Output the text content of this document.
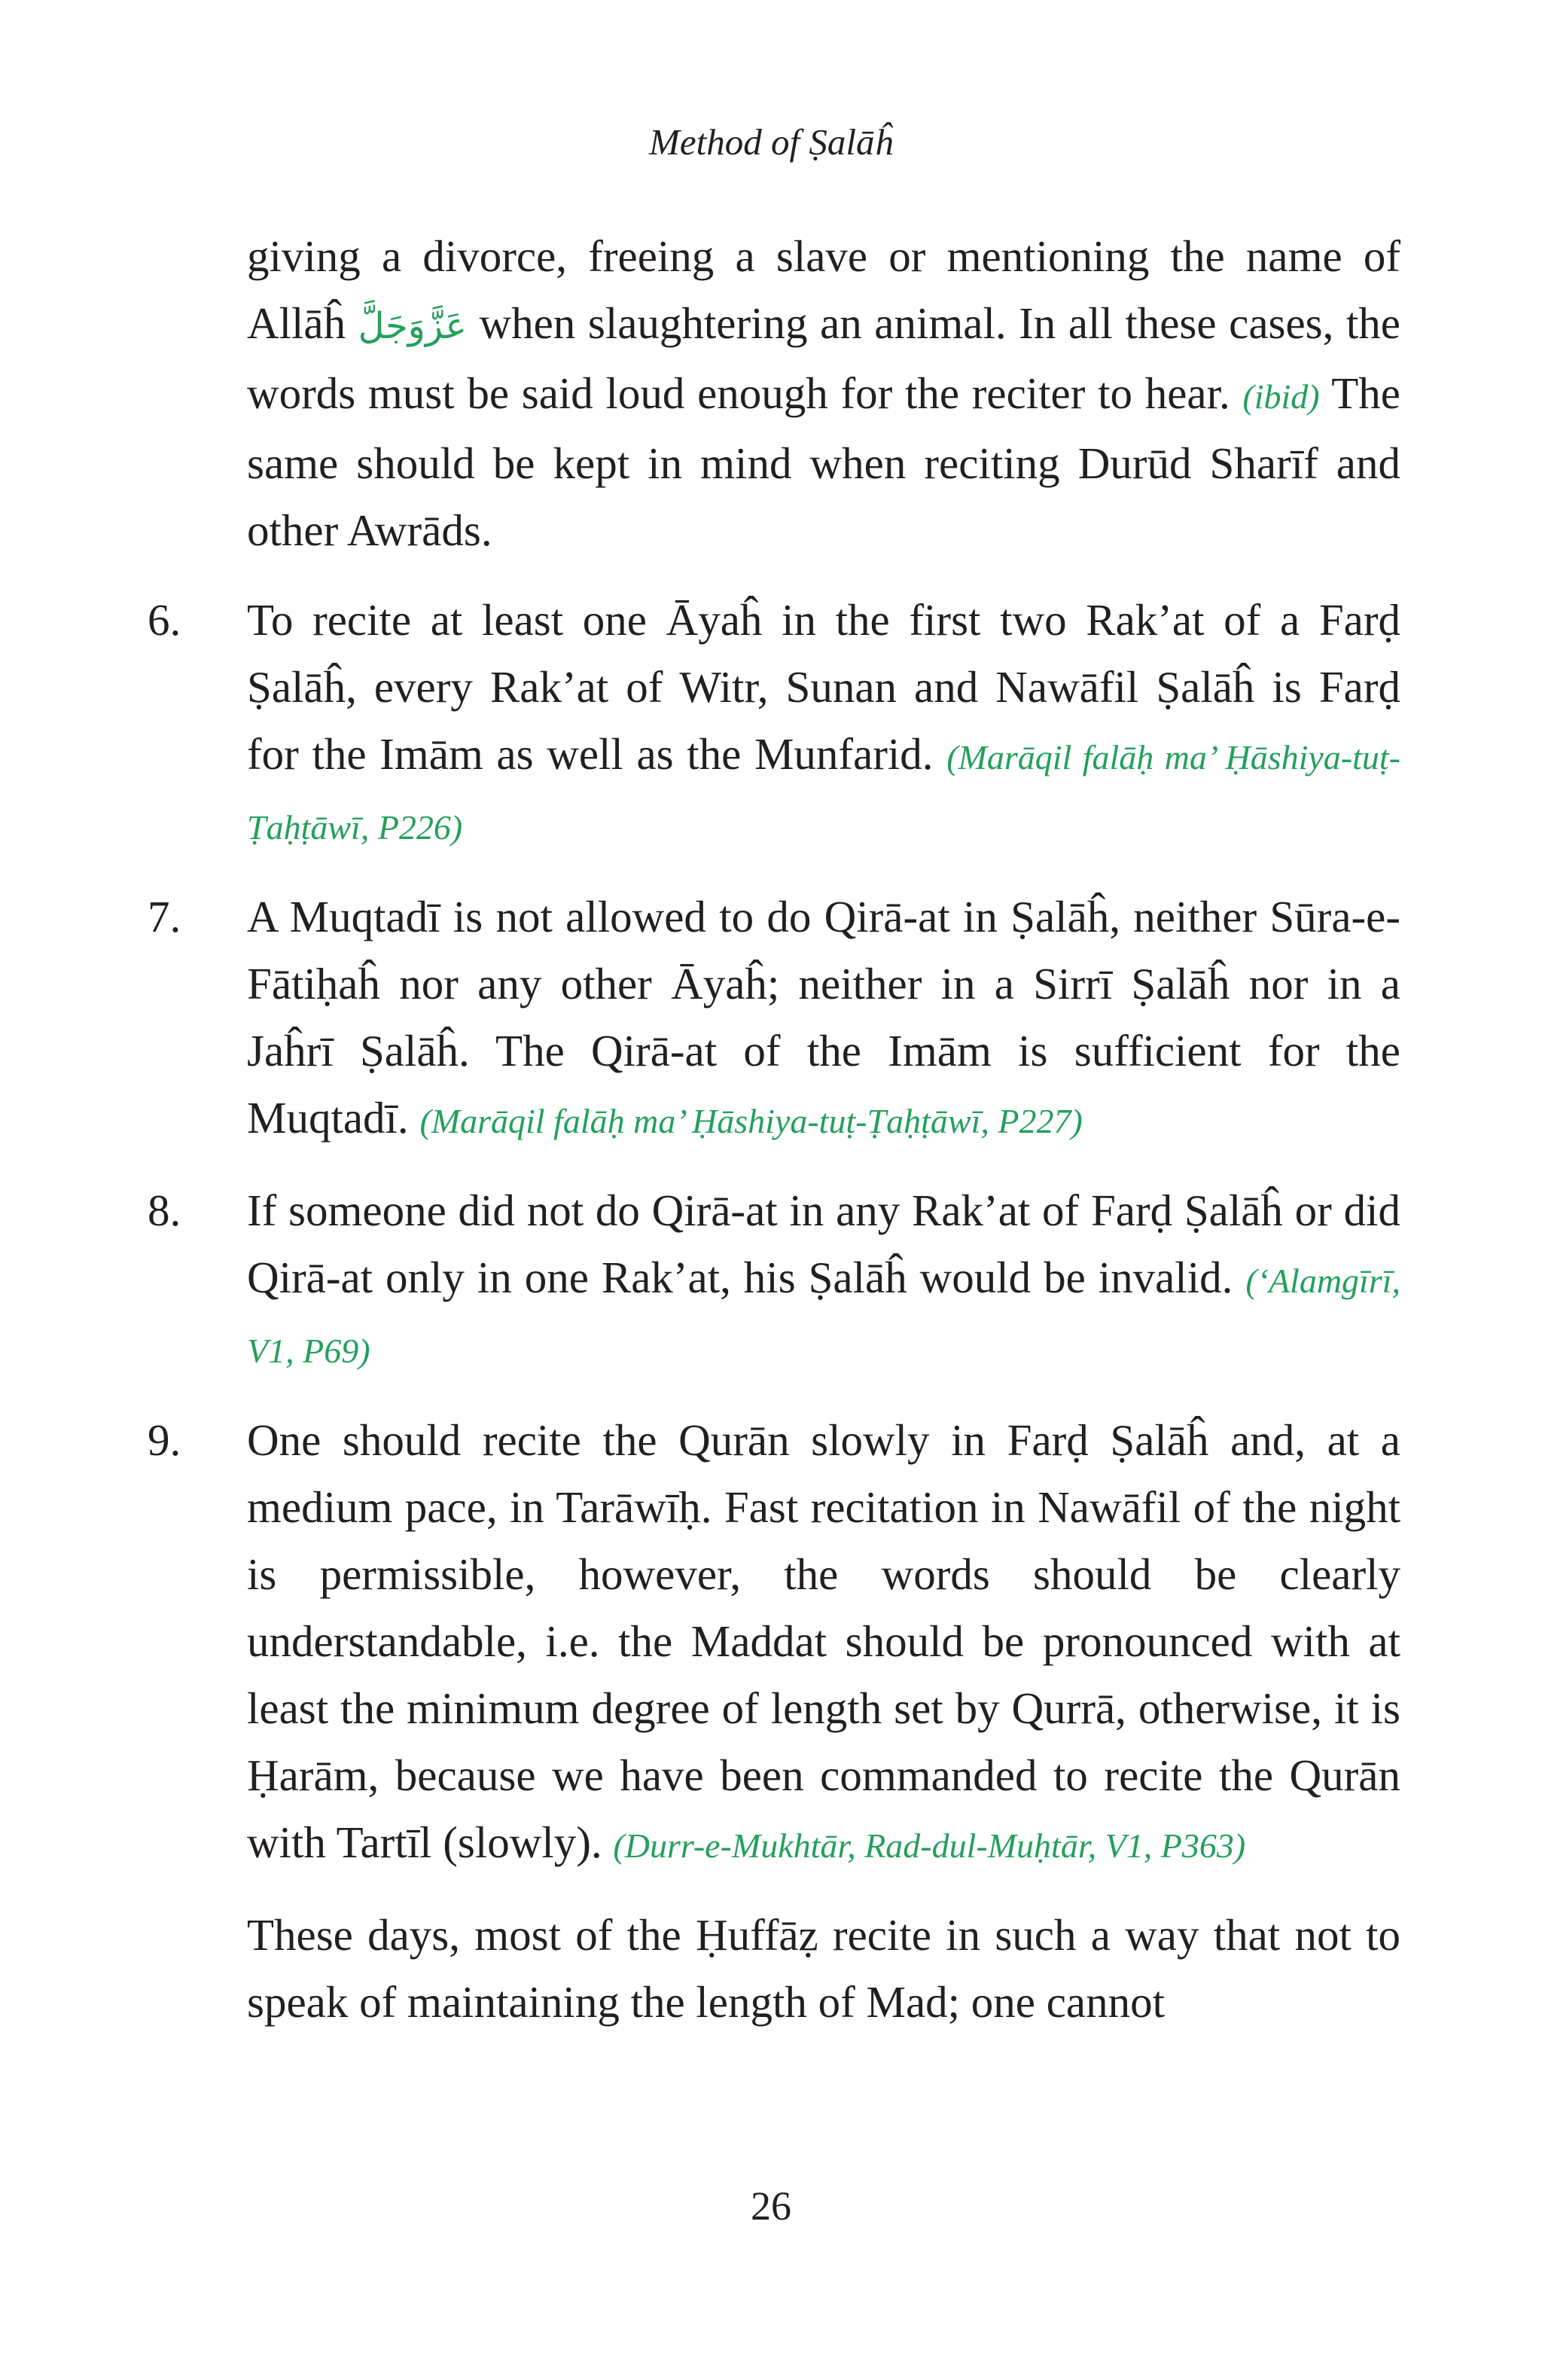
Method of Ṣalāĥ

giving a divorce, freeing a slave or mentioning the name of Allāĥ عَزَّوَجَلَّ when slaughtering an animal. In all these cases, the words must be said loud enough for the reciter to hear. (ibid) The same should be kept in mind when reciting Durūd Sharīf and other Awrāds.

6. To recite at least one Āyaĥ in the first two Rak’at of a Farḍ Ṣalāĥ, every Rak’at of Witr, Sunan and Nawāfil Ṣalāĥ is Farḍ for the Imām as well as the Munfarid. (Marāqil falāḥ ma’ Ḥāshiya-tuṭ-Ṭaḥṭāwī, P226)
7. A Muqtadī is not allowed to do Qirā-at in Ṣalāĥ, neither Sūra-e-Fātiḥaĥ nor any other Āyaĥ; neither in a Sirrī Ṣalāĥ nor in a Jaĥrī Ṣalāĥ. The Qirā-at of the Imām is sufficient for the Muqtadī. (Marāqil falāḥ ma’ Ḥāshiya-tuṭ-Ṭaḥṭāwī, P227)
8. If someone did not do Qirā-at in any Rak’at of Farḍ Ṣalāĥ or did Qirā-at only in one Rak’at, his Ṣalāĥ would be invalid. (‘Alamgīrī, V1, P69)
9. One should recite the Qurān slowly in Farḍ Ṣalāĥ and, at a medium pace, in Tarāwīḥ. Fast recitation in Nawāfil of the night is permissible, however, the words should be clearly understandable, i.e. the Maddat should be pronounced with at least the minimum degree of length set by Qurrā, otherwise, it is Ḥarām, because we have been commanded to recite the Qurān with Tartīl (slowly). (Durr-e-Mukhtār, Rad-dul-Muḥtār, V1, P363)

These days, most of the Ḥuffāẓ recite in such a way that not to speak of maintaining the length of Mad; one cannot

26
